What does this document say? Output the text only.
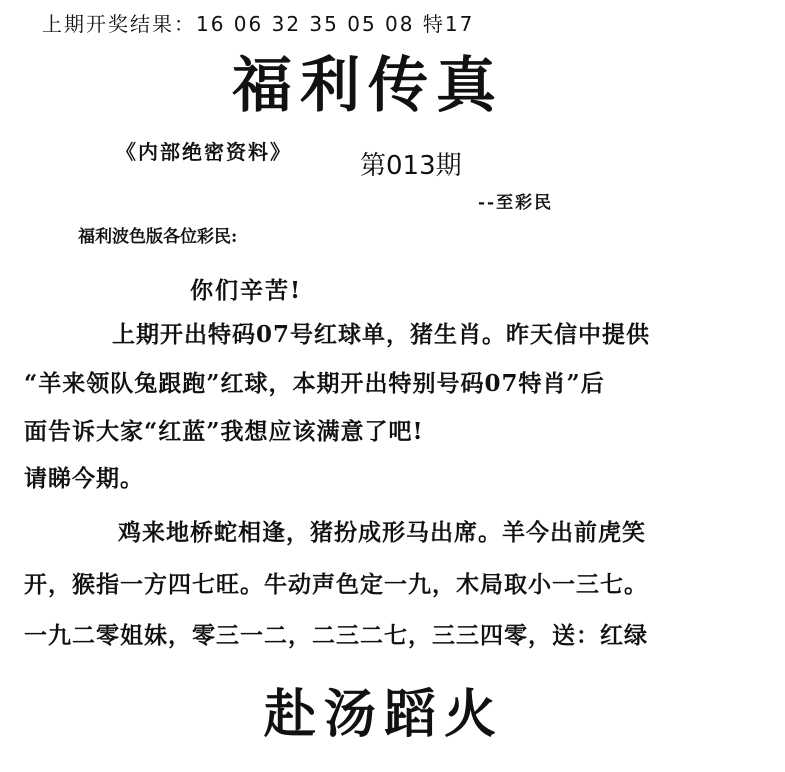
上期开奖结果：16 06 32 35 05 08 特17
福利传真
《内部绝密资料》	第013期
--至彩民
福利波色版各位彩民:
你们辛苦!
上期开出特码07号红球单，猪生肖。昨天信中提供
“羊来领队兔跟跑”红球，本期开出特别号码07特肖”后
面告诉大家“红蓝”我想应该满意了吧!
请睇今期。
鸡来地桥蛇相逢，猪扮成形马出席。羊今出前虎笑
开，猴指一方四七旺。牛动声色定一九，木局取小一三七。
一九二零姐妹，零三一二，二三二七，三三四零，送：红绿
赴汤蹈火
